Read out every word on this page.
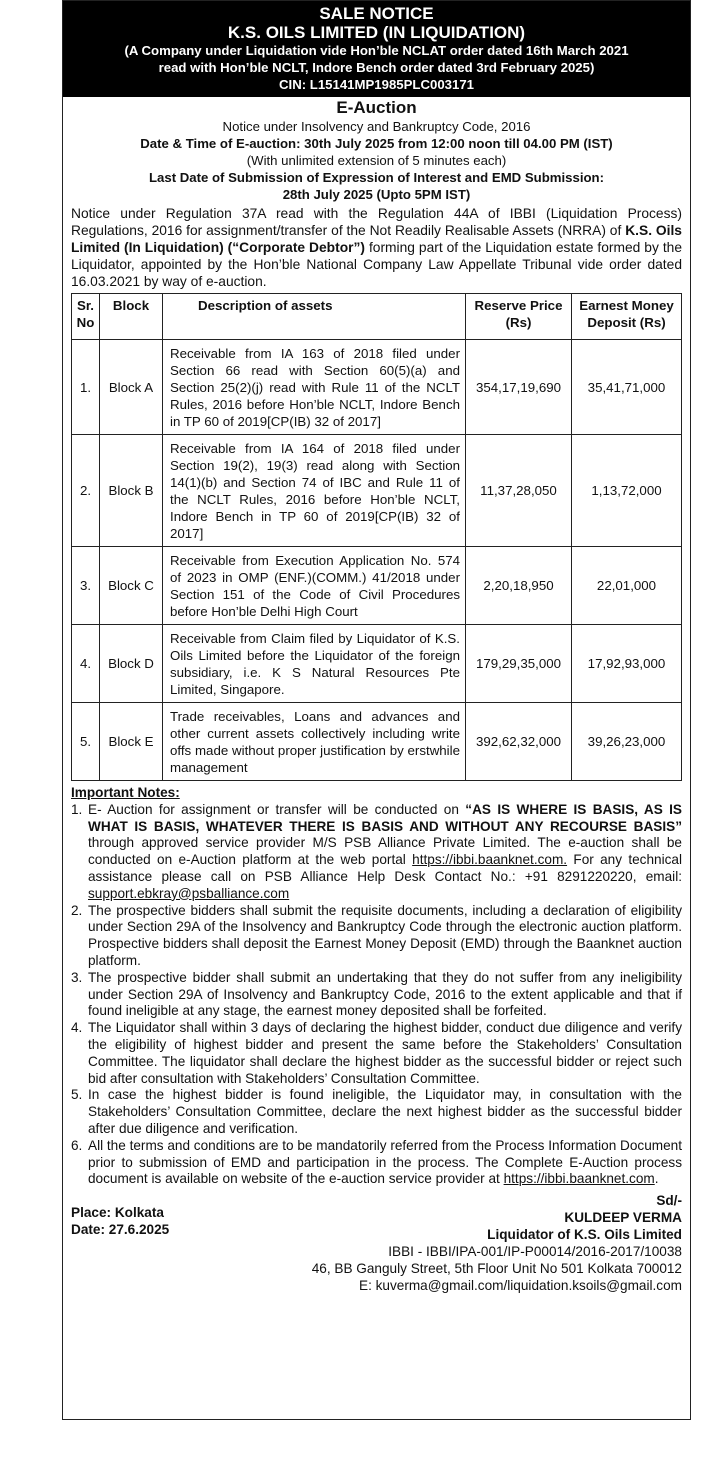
SALE NOTICE
K.S. OILS LIMITED (IN LIQUIDATION)
(A Company under Liquidation vide Hon’ble NCLAT order dated 16th March 2021
read with Hon’ble NCLT, Indore Bench order dated 3rd February 2025)
CIN: L15141MP1985PLC003171
E-Auction
Notice under Insolvency and Bankruptcy Code, 2016
Date & Time of E-auction: 30th July 2025 from 12:00 noon till 04.00 PM (IST)
(With unlimited extension of 5 minutes each)
Last Date of Submission of Expression of Interest and EMD Submission:
28th July 2025 (Upto 5PM IST)
Notice under Regulation 37A read with the Regulation 44A of IBBI (Liquidation Process) Regulations, 2016 for assignment/transfer of the Not Readily Realisable Assets (NRRA) of K.S. Oils Limited (In Liquidation) (“Corporate Debtor”) forming part of the Liquidation estate formed by the Liquidator, appointed by the Hon’ble National Company Law Appellate Tribunal vide order dated 16.03.2021 by way of e-auction.
Sr. No	Block	Description of assets	Reserve Price (Rs)	Earnest Money Deposit (Rs)
1.	Block A	Receivable from IA 163 of 2018 filed under Section 66 read with Section 60(5)(a) and Section 25(2)(j) read with Rule 11 of the NCLT Rules, 2016 before Hon’ble NCLT, Indore Bench in TP 60 of 2019[CP(IB) 32 of 2017]	354,17,19,690	35,41,71,000
2.	Block B	Receivable from IA 164 of 2018 filed under Section 19(2), 19(3) read along with Section 14(1)(b) and Section 74 of IBC and Rule 11 of the NCLT Rules, 2016 before Hon’ble NCLT, Indore Bench in TP 60 of 2019[CP(IB) 32 of 2017]	11,37,28,050	1,13,72,000
3.	Block C	Receivable from Execution Application No. 574 of 2023 in OMP (ENF.)(COMM.) 41/2018 under Section 151 of the Code of Civil Procedures before Hon’ble Delhi High Court	2,20,18,950	22,01,000
4.	Block D	Receivable from Claim filed by Liquidator of K.S. Oils Limited before the Liquidator of the foreign subsidiary, i.e. K S Natural Resources Pte Limited, Singapore.	179,29,35,000	17,92,93,000
5.	Block E	Trade receivables, Loans and advances and other current assets collectively including write offs made without proper justification by erstwhile management	392,62,32,000	39,26,23,000
Important Notes:
1. E- Auction for assignment or transfer will be conducted on “AS IS WHERE IS BASIS, AS IS WHAT IS BASIS, WHATEVER THERE IS BASIS AND WITHOUT ANY RECOURSE BASIS” through approved service provider M/S PSB Alliance Private Limited. The e-auction shall be conducted on e-Auction platform at the web portal https://ibbi.baanknet.com. For any technical assistance please call on PSB Alliance Help Desk Contact No.: +91 8291220220, email: support.ebkray@psballiance.com
2. The prospective bidders shall submit the requisite documents, including a declaration of eligibility under Section 29A of the Insolvency and Bankruptcy Code through the electronic auction platform. Prospective bidders shall deposit the Earnest Money Deposit (EMD) through the Baanknet auction platform.
3. The prospective bidder shall submit an undertaking that they do not suffer from any ineligibility under Section 29A of Insolvency and Bankruptcy Code, 2016 to the extent applicable and that if found ineligible at any stage, the earnest money deposited shall be forfeited.
4. The Liquidator shall within 3 days of declaring the highest bidder, conduct due diligence and verify the eligibility of highest bidder and present the same before the Stakeholders’ Consultation Committee. The liquidator shall declare the highest bidder as the successful bidder or reject such bid after consultation with Stakeholders’ Consultation Committee.
5. In case the highest bidder is found ineligible, the Liquidator may, in consultation with the Stakeholders’ Consultation Committee, declare the next highest bidder as the successful bidder after due diligence and verification.
6. All the terms and conditions are to be mandatorily referred from the Process Information Document prior to submission of EMD and participation in the process. The Complete E-Auction process document is available on website of the e-auction service provider at https://ibbi.baanknet.com.
Place: Kolkata
Date: 27.6.2025
Sd/-
KULDEEP VERMA
Liquidator of K.S. Oils Limited
IBBI - IBBI/IPA-001/IP-P00014/2016-2017/10038
46, BB Ganguly Street, 5th Floor Unit No 501 Kolkata 700012
E: kuverma@gmail.com/liquidation.ksoils@gmail.com
